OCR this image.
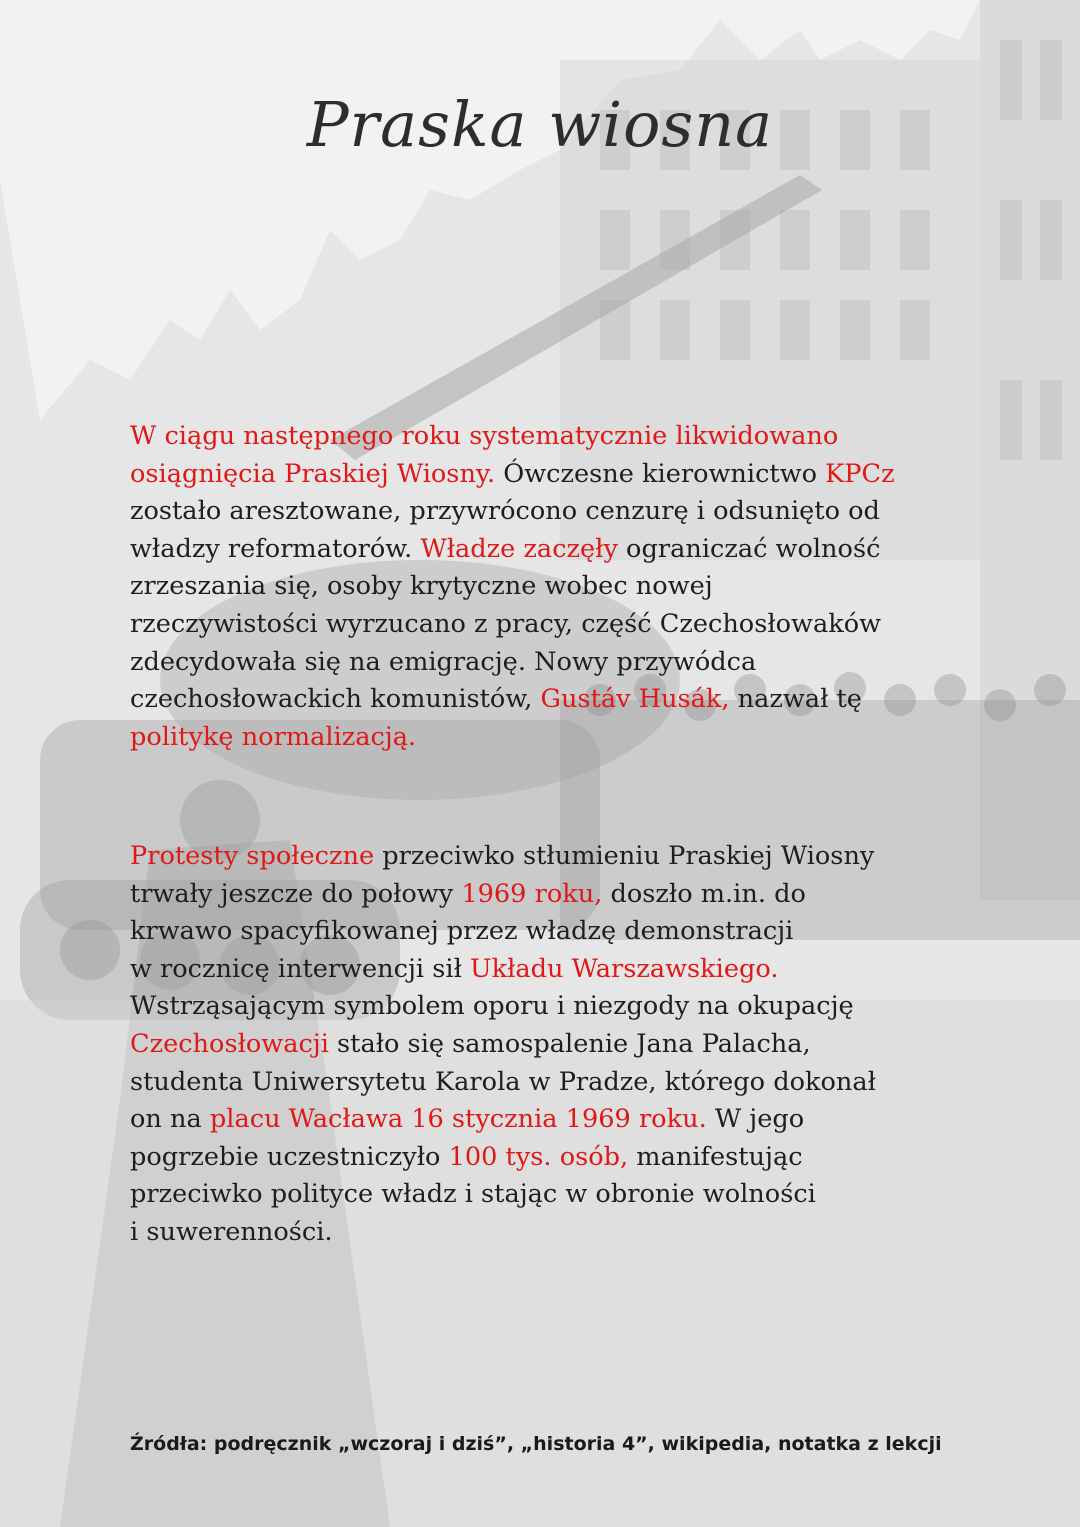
Praska wiosna
W ciągu następnego roku systematycznie likwidowano
osiągnięcia Praskiej Wiosny. Ówczesne kierownictwo KPCz
zostało aresztowane, przywrócono cenzurę i odsunięto od
władzy reformatorów. Władze zaczęły ograniczać wolność
zrzeszania się, osoby krytyczne wobec nowej
rzeczywistości wyrzucano z pracy, część Czechosłowaków
zdecydowała się na emigrację. Nowy przywódca
czechosłowackich komunistów, Gustáv Husák, nazwał tę
politykę normalizacją.
Protesty społeczne przeciwko stłumieniu Praskiej Wiosny
trwały jeszcze do połowy 1969 roku, doszło m.in. do
krwawo spacyfikowanej przez władzę demonstracji
w rocznicę interwencji sił Układu Warszawskiego.
Wstrząsającym symbolem oporu i niezgody na okupację
Czechosłowacji stało się samospalenie Jana Palacha,
studenta Uniwersytetu Karola w Pradze, którego dokonał
on na placu Wacława 16 stycznia 1969 roku. W jego
pogrzebie uczestniczyło 100 tys. osób, manifestując
przeciwko polityce władz i stając w obronie wolności
i suwerenności.
Źródła: podręcznik „wczoraj i dziś”, „historia 4”, wikipedia, notatka z lekcji
